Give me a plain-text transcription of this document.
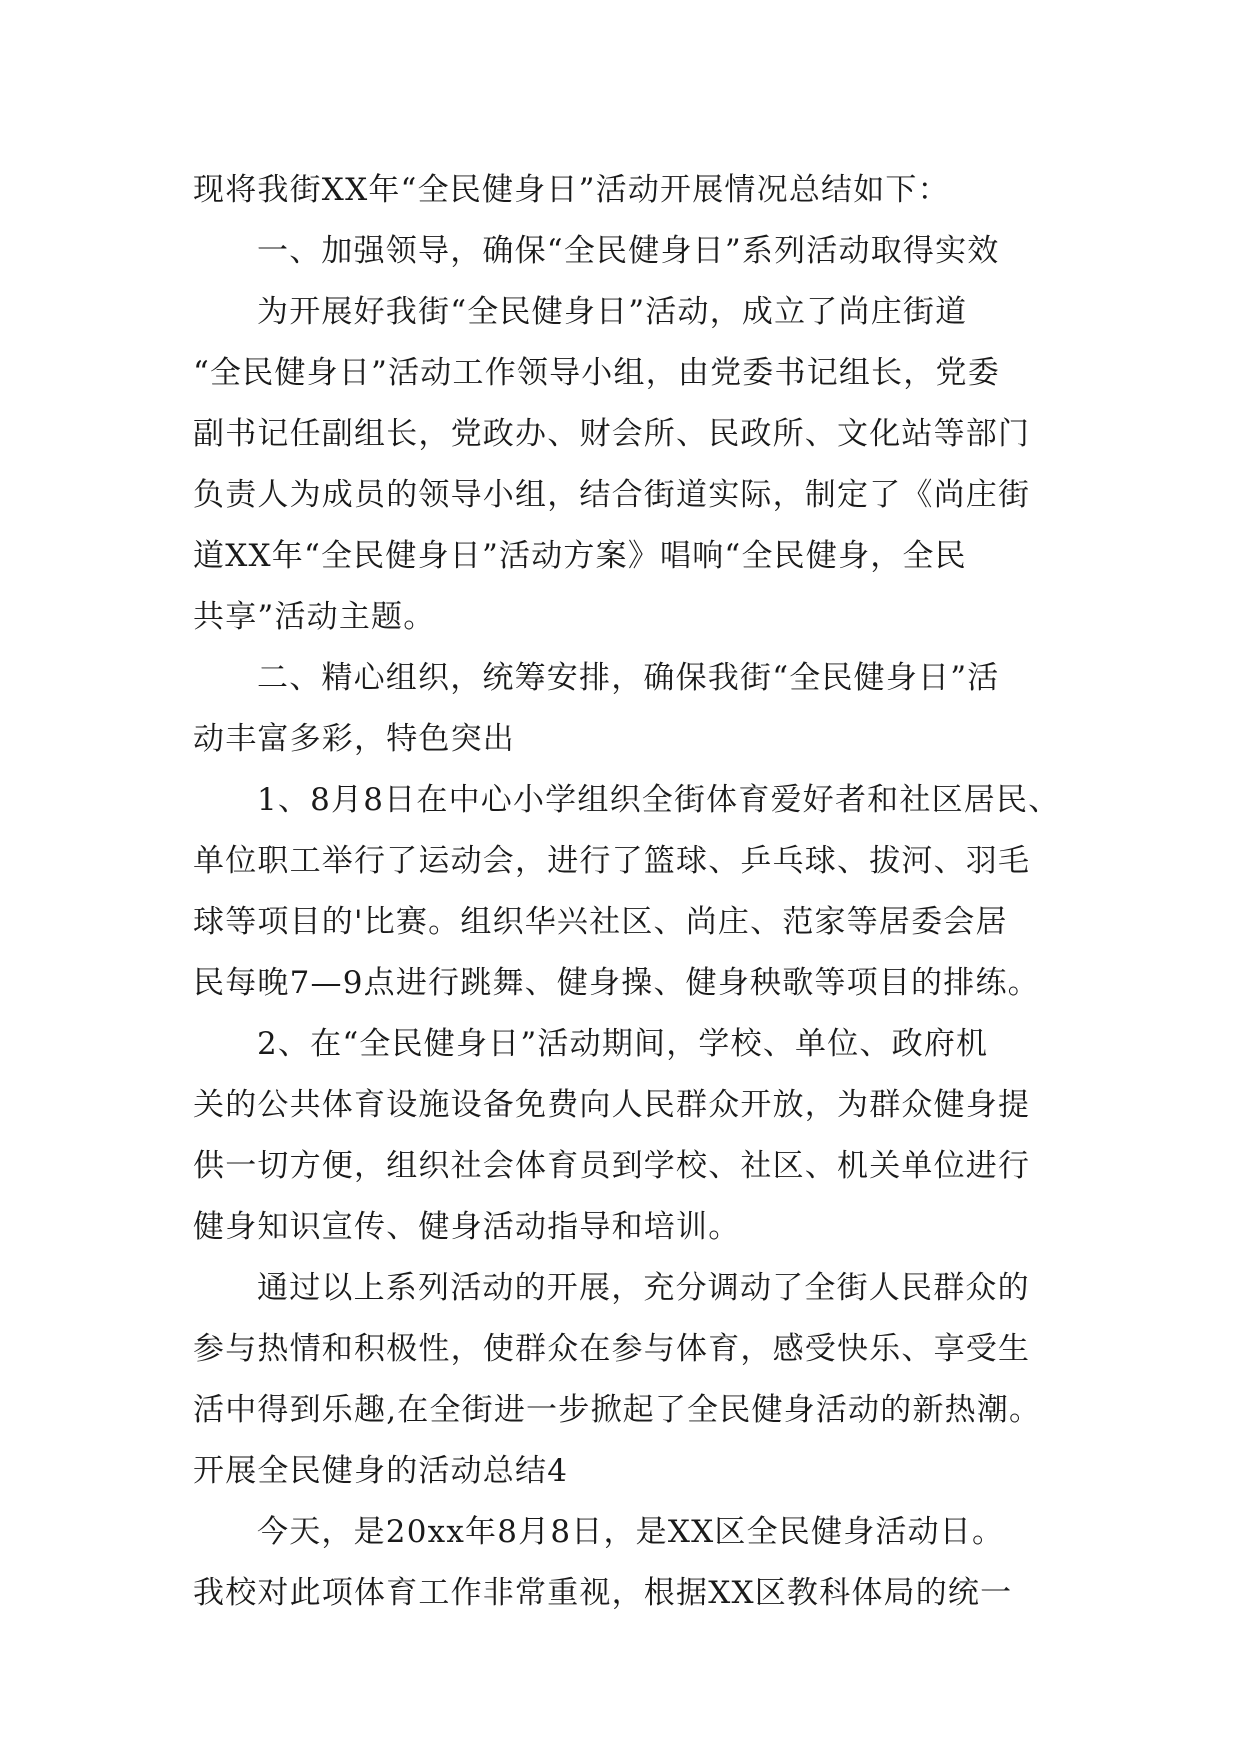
现将我街XX年“全民健身日”活动开展情况总结如下：
一、加强领导，确保“全民健身日”系列活动取得实效
为开展好我街“全民健身日”活动，成立了尚庄街道
“全民健身日”活动工作领导小组，由党委书记组长，党委
副书记任副组长，党政办、财会所、民政所、文化站等部门
负责人为成员的领导小组，结合街道实际，制定了《尚庄街
道XX年“全民健身日”活动方案》唱响“全民健身，全民
共享”活动主题。
二、精心组织，统筹安排，确保我街“全民健身日”活
动丰富多彩，特色突出
1、8月8日在中心小学组织全街体育爱好者和社区居民、
单位职工举行了运动会，进行了篮球、乒乓球、拔河、羽毛
球等项目的'比赛。组织华兴社区、尚庄、范家等居委会居
民每晚7—9点进行跳舞、健身操、健身秧歌等项目的排练。
2、在“全民健身日”活动期间，学校、单位、政府机
关的公共体育设施设备免费向人民群众开放，为群众健身提
供一切方便，组织社会体育员到学校、社区、机关单位进行
健身知识宣传、健身活动指导和培训。
通过以上系列活动的开展，充分调动了全街人民群众的
参与热情和积极性，使群众在参与体育，感受快乐、享受生
活中得到乐趣,在全街进一步掀起了全民健身活动的新热潮。
开展全民健身的活动总结4
今天，是20xx年8月8日，是XX区全民健身活动日。
我校对此项体育工作非常重视，根据XX区教科体局的统一
